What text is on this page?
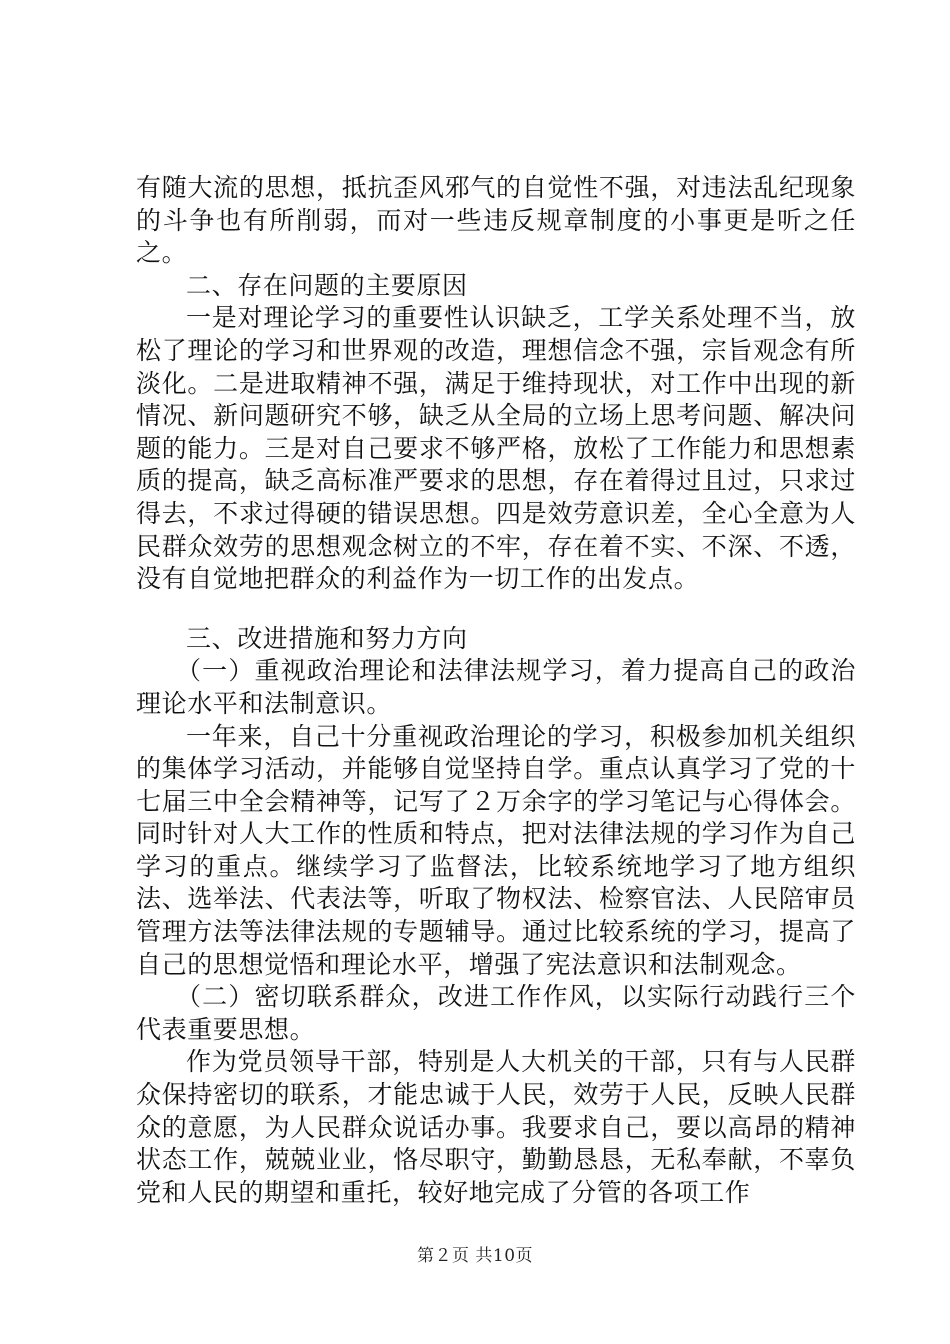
有随大流的思想，抵抗歪风邪气的自觉性不强，对违法乱纪现象的斗争也有所削弱，而对一些违反规章制度的小事更是听之任之。

二、存在问题的主要原因

一是对理论学习的重要性认识缺乏，工学关系处理不当，放松了理论的学习和世界观的改造，理想信念不强，宗旨观念有所淡化。二是进取精神不强，满足于维持现状，对工作中出现的新情况、新问题研究不够，缺乏从全局的立场上思考问题、解决问题的能力。三是对自己要求不够严格，放松了工作能力和思想素质的提高，缺乏高标准严要求的思想，存在着得过且过，只求过得去，不求过得硬的错误思想。四是效劳意识差，全心全意为人民群众效劳的思想观念树立的不牢，存在着不实、不深、不透，没有自觉地把群众的利益作为一切工作的出发点。

三、改进措施和努力方向

（一）重视政治理论和法律法规学习，着力提高自己的政治理论水平和法制意识。

一年来，自己十分重视政治理论的学习，积极参加机关组织的集体学习活动，并能够自觉坚持自学。重点认真学习了党的十七届三中全会精神等，记写了２万余字的学习笔记与心得体会。同时针对人大工作的性质和特点，把对法律法规的学习作为自己学习的重点。继续学习了监督法，比较系统地学习了地方组织法、选举法、代表法等，听取了物权法、检察官法、人民陪审员管理方法等法律法规的专题辅导。通过比较系统的学习，提高了自己的思想觉悟和理论水平，增强了宪法意识和法制观念。

（二）密切联系群众，改进工作作风，以实际行动践行三个代表重要思想。

作为党员领导干部，特别是人大机关的干部，只有与人民群众保持密切的联系，才能忠诚于人民，效劳于人民，反映人民群众的意愿，为人民群众说话办事。我要求自己，要以高昂的精神状态工作，兢兢业业，恪尽职守，勤勤恳恳，无私奉献，不辜负党和人民的期望和重托，较好地完成了分管的各项工作

第２页 共10页
